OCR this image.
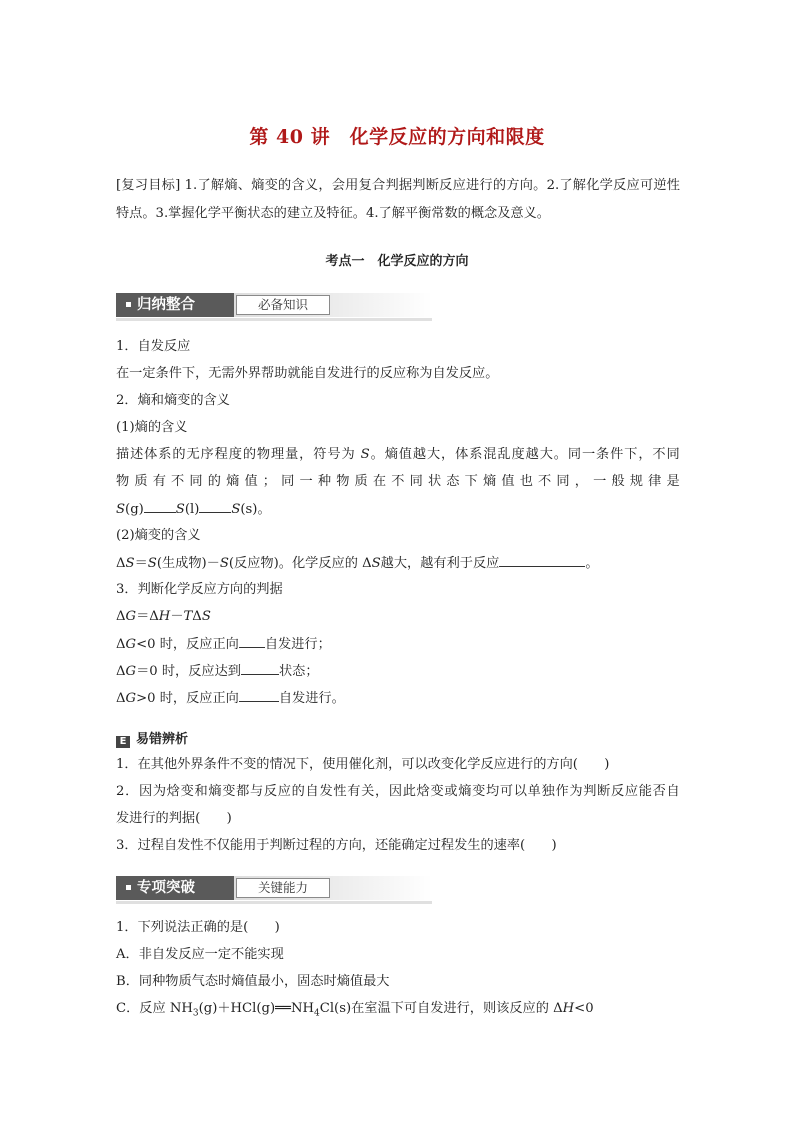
第 40 讲　化学反应的方向和限度
[复习目标] 1.了解熵、熵变的含义，会用复合判据判断反应进行的方向。2.了解化学反应可逆性特点。3.掌握化学平衡状态的建立及特征。4.了解平衡常数的概念及意义。
考点一　化学反应的方向
归纳整合	必备知识
1．自发反应
在一定条件下，无需外界帮助就能自发进行的反应称为自发反应。
2．熵和熵变的含义
(1)熵的含义
描述体系的无序程度的物理量，符号为 S。熵值越大，体系混乱度越大。同一条件下，不同
物质有不同的熵值；同一种物质在不同状态下熵值也不同，一般规律是
S(g) S(l) S(s)。
(2)熵变的含义
ΔS＝S(生成物)－S(反应物)。化学反应的 ΔS越大，越有利于反应	。
3．判断化学反应方向的判据
ΔG＝ΔH－TΔS
ΔG<0 时，反应正向 自发进行；
ΔG＝0 时，反应达到	状态；
ΔG>0 时，反应正向	自发进行。
E 易错辨析
1．在其他外界条件不变的情况下，使用催化剂，可以改变化学反应进行的方向(　　)
2．因为焓变和熵变都与反应的自发性有关，因此焓变或熵变均可以单独作为判断反应能否自
发进行的判据(　　)
3．过程自发性不仅能用于判断过程的方向，还能确定过程发生的速率(　　)
专项突破	关键能力
1．下列说法正确的是(　　)
A．非自发反应一定不能实现
B．同种物质气态时熵值最小，固态时熵值最大
C．反应 $NH_3(g)+HCl(g)══NH_4Cl(s)$在室温下可自发进行，则该反应的 ΔH<0
